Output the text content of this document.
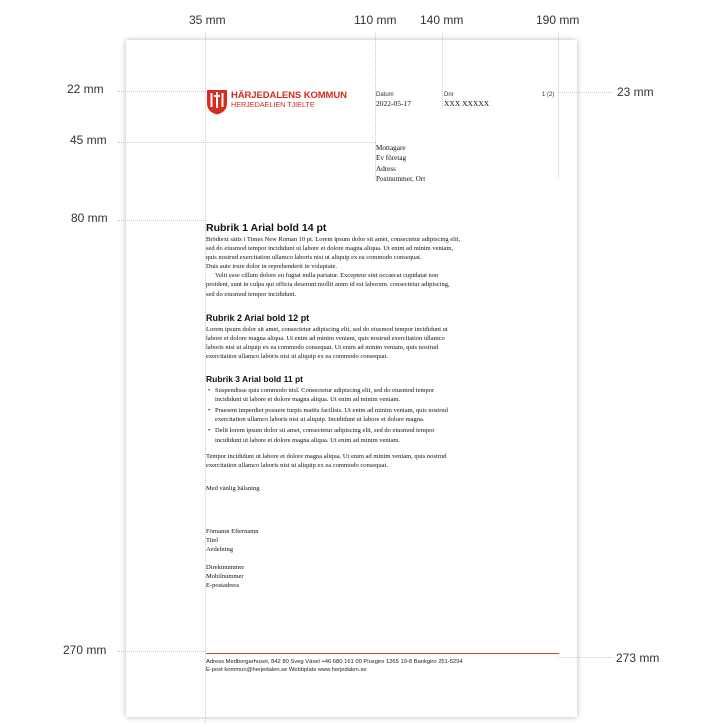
35 mm	110 mm 140 mm	190 mm
22 mm
45 mm
80 mm
270 mm
23 mm
273 mm
HÄRJEDALENS KOMMUN
HERJEDAELIEN TJIELTE
Datum
2022-05-17
Dnr
XXX XXXXX
1 (2)
Mottagare
Ev företag
Adress
Postnummer, Ort
Rubrik 1 Arial bold 14 pt
Brödtext sätts i Times New Roman 10 pt. Lorem ipsum dolor sit amet, consectetur adipiscing elit,
sed do eiusmod tempor incididunt ut labore et dolore magna aliqua. Ut enim ad minim veniam,
quis nostrud exercitation ullamco laboris nisi ut aliquip ex ea commodo consequat.
Duis aute irure dolor in reprehenderit in voluptate.
Velit esse cillum dolore eu fugiat nulla pariatur. Excepteur sint occaecat cupidatat non
proident, sunt in culpa qui officia deserunt mollit anim id est laborum. consectetur adipiscing,
sed do eiusmod tempor incididunt.
Rubrik 2 Arial bold 12 pt
Lorem ipsum dolor sit amet, consectetur adipiscing elit, sed do eiusmod tempor incididunt ut
labore et dolore magna aliqua. Ut enim ad minim veniam, quis nostrud exercitation ullamco
laboris nisi ut aliquip ex ea commodo consequat. Ut enim ad minim veniam, quis nostrud
exercitation ullamco laboris nisi ut aliquip ex ea commodo consequat.
Rubrik 3 Arial bold 11 pt
• Suspendisse quis commodo nisl. Consectetur adipiscing elit, sed do eiusmod tempor
incididunt ut labore et dolore magna aliqua. Ut enim ad minim veniam.
• Praesent imperdiet posuere turpis mattis facilisis. Ut enim ad minim veniam, quis nostrud
exercitation ullamco laboris nisi ut aliquip. Incididunt ut labore et dolore magna.
• Delit lorem ipsum dolor sit amet, consectetur adipiscing elit, sed do eiusmod tempor
incididunt ut labore et dolore magna aliqua. Ut enim ad minim veniam.
Tempor incididunt ut labore et dolore magna aliqua. Ut enim ad minim veniam, quis nostrud
exercitation ullamco laboris nisi ut aliquip ex ea commodo consequat.
Med vänlig hälsning
Förnamn Efternamn
Titel
Avdelning
Direktnummer
Mobilnummer
E-postadress
Adress Medborgarhuset, 842 80 Sveg Växel +46 680 161 00 Plusgiro 1265 19-8 Bankgiro 251-5294
E-post kommun@herjedalen.se Webbplats www.herjedalen.se
